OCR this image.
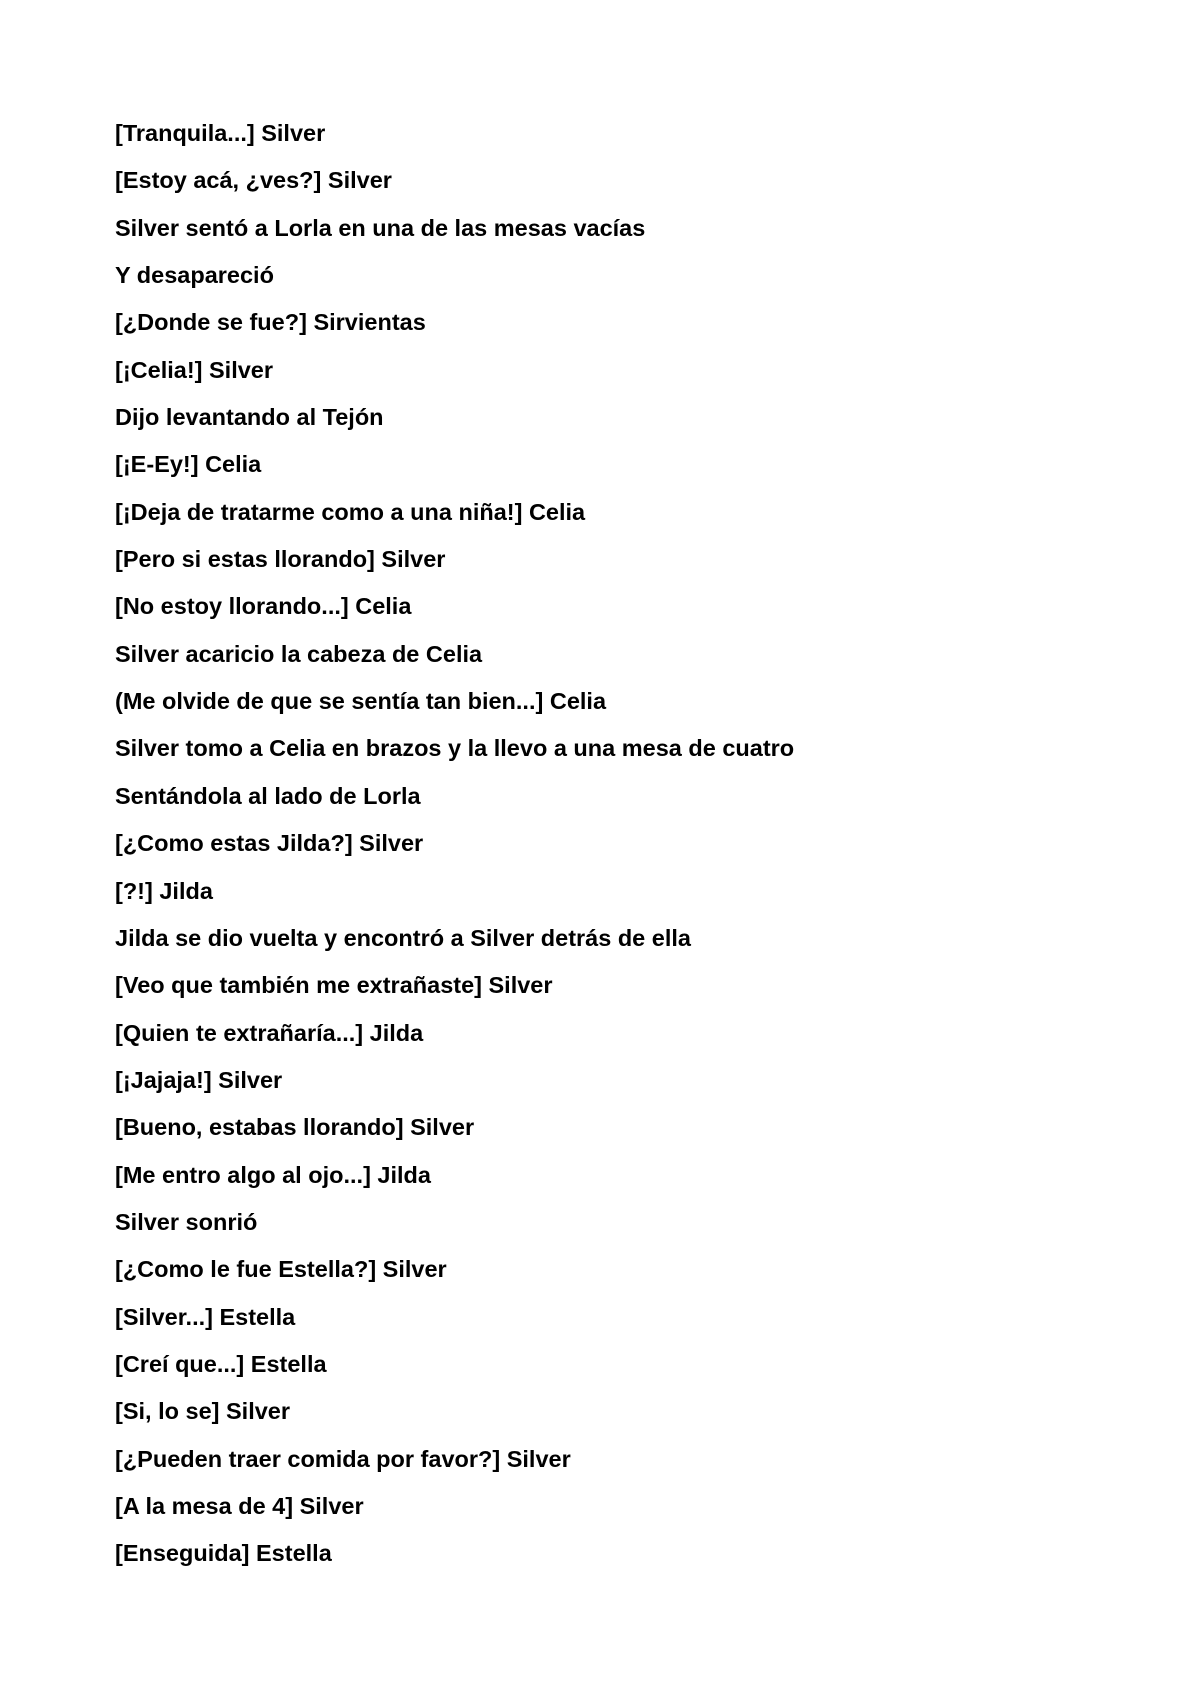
[Tranquila...] Silver
[Estoy acá, ¿ves?] Silver
Silver sentó a Lorla en una de las mesas vacías
Y desapareció
[¿Donde se fue?] Sirvientas
[¡Celia!] Silver
Dijo levantando al Tejón
[¡E-Ey!] Celia
[¡Deja de tratarme como a una niña!] Celia
[Pero si estas llorando] Silver
[No estoy llorando...] Celia
Silver acaricio la cabeza de Celia
(Me olvide de que se sentía tan bien...] Celia
Silver tomo a Celia en brazos y la llevo a una mesa de cuatro
Sentándola al lado de Lorla
[¿Como estas Jilda?] Silver
[?!] Jilda
Jilda se dio vuelta y encontró a Silver detrás de ella
[Veo que también me extrañaste] Silver
[Quien te extrañaría...] Jilda
[¡Jajaja!] Silver
[Bueno, estabas llorando] Silver
[Me entro algo al ojo...] Jilda
Silver sonrió
[¿Como le fue Estella?] Silver
[Silver...] Estella
[Creí que...] Estella
[Si, lo se] Silver
[¿Pueden traer comida por favor?] Silver
[A la mesa de 4] Silver
[Enseguida] Estella
